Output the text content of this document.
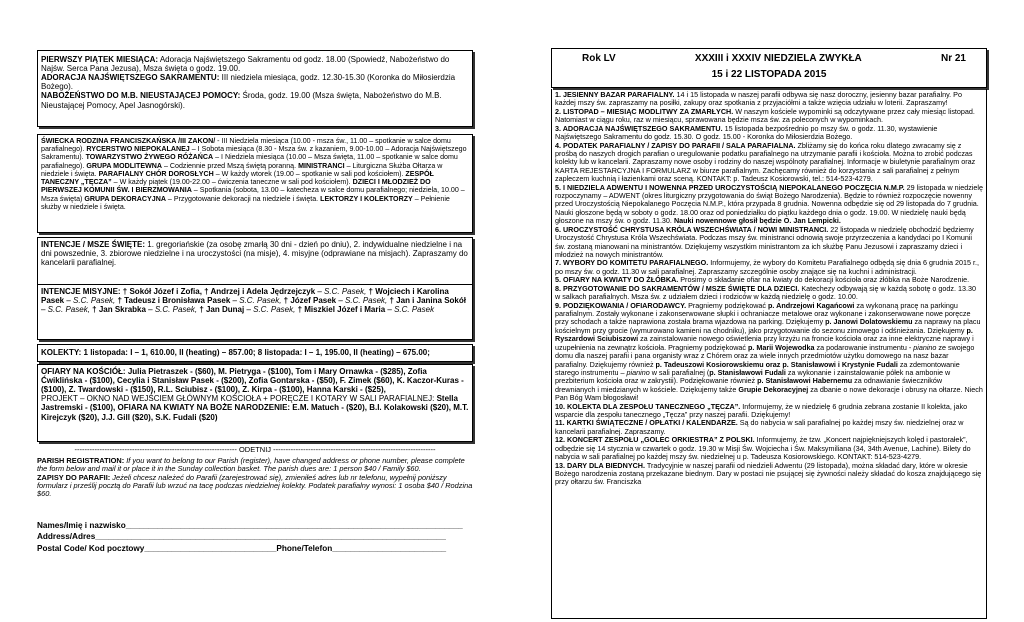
PIERWSZY PIĄTEK MIESIĄCA: Adoracja Najświętszego Sakramentu od godz. 18.00 (Spowiedź, Nabożeństwo do Najśw. Serca Pana Jezusa), Msza święta o godz. 19.00.
ADORACJA NAJŚWIĘTSZEGO SAKRAMENTU: III niedziela miesiąca, godz. 12.30-15.30 (Koronka do Miłosierdzia Bożego).
NABOŻEŃSTWO DO M.B. NIEUSTAJĄCEJ POMOCY: Środa, godz. 19.00 (Msza święta, Nabożeństwo do M.B. Nieustającej Pomocy, Apel Jasnogórski).
ŚWIECKA RODZINA FRANCISZKAŃSKA /III ZAKON/ - III Niedziela miesiąca (10.00 - msza św., 11.00 – spotkanie w salce domu parafialnego). RYCERSTWO NIEPOKALANEJ – I Sobota miesiąca (8.30 - Msza św. z kazaniem, 9.00-10.00 – Adoracja Najświętszego Sakramentu). TOWARZYSTWO ŻYWEGO RÓŻAŃCA – I Niedziela miesiąca (10.00 – Msza święta, 11.00 – spotkanie w salce domu parafialnego). GRUPA MODLITEWNA – Codziennie przed Mszą świętą poranną. MINISTRANCI – Liturgiczna Służba Ołtarza w niedziele i święta. PARAFIALNY CHÓR DOROSŁYCH – W każdy wtorek (19.00 – spotkanie w sali pod kościołem). ZESPÓŁ TANECZNY „TĘCZA” – W każdy piątek (19.00-22.00 – ćwiczenia taneczne w sali pod kościołem). DZIECI I MŁODZIEŻ DO PIERWSZEJ KOMUNII ŚW. I BIERZMOWANIA – Spotkania (sobota, 13.00 – katecheza w salce domu parafialnego; niedziela, 10.00 – Msza święta) GRUPA DEKORACYJNA – Przygotowanie dekoracji na niedziele i święta. LEKTORZY I KOLEKTORZY – Pełnienie służby w niedziele i święta.
INTENCJE / MSZE ŚWIĘTE: 1. gregoriańskie (za osobę zmarłą 30 dni - dzień po dniu), 2. indywidualne niedzielne i na dni powszednie, 3. zbiorowe niedzielne i na uroczystości (na misje), 4. misyjne (odprawiane na misjach). Zapraszamy do kancelarii parafialnej.
INTENCJE MISYJNE: † Sokół Józef i Zofia, † Andrzej i Adela Jędrzejczyk – S.C. Pasek, † Wojciech i Karolina Pasek – S.C. Pasek, † Tadeusz i Bronisława Pasek – S.C. Pasek, † Józef Pasek – S.C. Pasek, † Jan i Janina Sokół – S.C. Pasek, † Jan Skrabka – S.C. Pasek, † Jan Dunaj – S.C. Pasek, † Miszkiel Józef i Maria – S.C. Pasek
KOLEKTY: 1 listopada: I – 1, 610.00, II (heating) – 857.00; 8 listopada: I – 1, 195.00, II (heating) – 675.00;
OFIARY NA KOŚCIÓŁ: Julia Pietraszek - ($60), M. Pietryga - ($100), Tom i Mary Ornawka - ($285), Zofia Ćwiklińska - ($100), Cecylia i Stanisław Pasek - ($200), Zofia Gontarska - ($50), F. Zimek ($60), K. Kaczor-Kuras - ($100), Z. Twardowski - ($150), R.L. Sciubisz - ($100), Z. Kirpa - ($100), Hanna Karski - ($25),
PROJEKT – OKNO NAD WEJŚCIEM GŁÓWNYM KOŚCIOŁA + PORĘCZE I KOTARY W SALI PARAFIALNEJ: Stella Jastremski - ($100), OFIARA NA KWIATY NA BOŻE NARODZENIE: E.M. Matuch - ($20), B.I. Kolakowski ($20), M.T. Kirejczyk ($20), J.J. Gill ($20), S.K. Fudali ($20)
----------------------------------------------------------------- ODETNIJ -----------------------------------------------------------------
PARISH REGISTRATION: If you want to belong to our Parish (register), have changed address or phone number, please complete the form below and mail it or place it in the Sunday collection basket. The parish dues are: 1 person $40 / Family $60.
ZAPISY DO PARAFII: Jeżeli chcesz należeć do Parafii (zarejestrować się), zmieniłeś adres lub nr telefonu, wypełnij poniższy formularz i prześlij pocztą do Parafii lub wrzuć na tacę podczas niedzielnej kolekty. Podatek parafialny wynosi: 1 osoba $40 / Rodzina $60.
Names/Imię i nazwisko__________________________________________________________________________
Address/Adres_____________________________________________________________________________
Postal Code/ Kod pocztowy_____________________________Phone/Telefon_________________________
Rok LV	XXXIII i XXXIV NIEDZIELA ZWYKŁA	Nr 21
15 i 22 LISTOPADA 2015

1. JESIENNY BAZAR PARAFIALNY. 14 i 15 listopada w naszej parafii odbywa się nasz doroczny, jesienny bazar parafialny. Po każdej mszy św. zapraszamy na posiłki, zakupy oraz spotkania z przyjaciółmi a także wzięcia udziału w loterii. Zapraszamy!

2. LISTOPAD – MIESIĄC MODLITWY ZA ZMARŁYCH. W naszym kościele wypominki są odczytywane przez cały miesiąc listopad. Natomiast w ciągu roku, raz w miesiącu, sprawowana będzie msza św. za poleconych w wypominkach.

3. ADORACJA NAJŚWIĘTSZEGO SAKRAMENTU. 15 listopada bezpośrednio po mszy św. o godz. 11.30, wystawienie Najświętszego Sakramentu do godz. 15.30. O godz. 15.00 - Koronka do Miłosierdzia Bożego.

4. PODATEK PARAFIALNY / ZAPISY DO PARAFII / SALA PARAFIALNA. Zbliżamy się do końca roku dlatego zwracamy się z prośbą do naszych drogich parafian o uregulowanie podatku parafialnego na utrzymanie parafii i kościoła. Można to zrobić podczas kolekty lub w kancelarii. Zapraszamy nowe osoby i rodziny do naszej wspólnoty parafialnej. Informacje w biuletynie parafialnym oraz KARTA REJESTARCYJNA I FORMULARZ w biurze parafialnym. Zachęcamy również do korzystania z sali parafialnej z pełnym zapleczem kuchnią i łazienkami oraz sceną. KONTAKT: p. Tadeusz Kosiorowski, tel.: 514-523-4279.

5. I NIEDZIELA ADWENTU I NOWENNA PRZED UROCZYSTOŚCIĄ NIEPOKALANEGO POCZĘCIA N.M.P. 29 listopada w niedzielę rozpoczynamy – ADWENT (okres liturgiczny przygotowania do świąt Bożego Narodzenia). Będzie to również rozpoczęcie nowenny przed Uroczystością Niepokalanego Poczęcia N.M.P., która przypada 8 grudnia. Nowenna odbędzie się od 29 listopada do 7 grudnia. Nauki głoszone będą w soboty o godz. 18.00 oraz od poniedziałku do piątku każdego dnia o godz. 19.00. W niedzielę nauki będą głoszone na mszy św. o godz. 11.30. Nauki nowennowe głosił będzie O. Jan Lempicki.

6. UROCZYSTOŚĆ CHRYSTUSA KRÓLA WSZECHŚWIATA / NOWI MINISTRANCI. 22 listopada w niedzielę obchodzić będziemy Uroczystość Chrystusa Króla Wszechświata. Podczas mszy św. ministranci odnowią swoje przyrzeczenia a kandydaci po I Komunii św. zostaną mianowani na ministrantów. Dziękujemy wszystkim ministrantom za ich służbę Panu Jezusowi i zapraszamy dzieci i młodzież na nowych ministrantów.

7. WYBORY DO KOMITETU PARAFIALNEGO. Informujemy, że wybory do Komitetu Parafialnego odbędą się dnia 6 grudnia 2015 r., po mszy św. o godz. 11.30 w sali parafialnej. Zapraszamy szczególnie osoby znające się na kuchni i administracji.

5. OFIARY NA KWIATY DO ŻŁÓBKA. Prosimy o składanie ofiar na kwiaty do dekoracji kościoła oraz żłóbka na Boże Narodzenie.

8. PRZYGOTOWANIE DO SAKRAMENTÓW / MSZE ŚWIĘTE DLA DZIECI. Katechezy odbywają się w każdą sobotę o godz. 13.30 w salkach parafialnych. Msza św. z udziałem dzieci i rodziców w każdą niedzielę o godz. 10.00.

9. PODZIĘKOWANIA / OFIARODAWCY. Pragniemy podziękować p. Andrzejowi Kagańcowi za wykonaną pracę na parkingu parafialnym. Zostały wykonane i zakonserwowane słupki i ochraniacze metalowe oraz wykonane i zakonserwowane nowe poręcze przy schodach a także naprawiona została brama wjazdowa na parking. Dziękujemy p. Janowi Dolatowskiemu za naprawy na placu kościelnym przy grocie (wymurowano kamieni na chodniku), jako przygotowanie do sezonu zimowego i odśnieżania. Dziękujemy p. Ryszardowi Sciubiszowi za zainstalowanie nowego oświetlenia przy krzyżu na froncie kościoła oraz za inne elektryczne naprawy i uzupełnienia na zewnątrz kościoła. Pragniemy podziękować p. Marii Wojewodka za podarowanie instrumentu - pianino ze swojego domu dla naszej parafii i pana organisty wraz z Chórem oraz za wiele innych przedmiotów użytku domowego na nasz bazar parafialny. Dziękujemy również p. Tadeuszowi Kosiorowskiemu oraz p. Stanisławowi i Krystynie Fudali za zdemontowanie starego instrumentu – pianino w sali parafialnej (p. Stanisławowi Fudali za wykonanie i zainstalowanie półek na ambonie w prezbiterium kościoła oraz w zakrystii). Podziękowanie również p. Stanisławowi Habernemu za odnawianie świeczników drewnianych i miedzianych w kościele. Dziękujemy także Grupie Dekoracyjnej za dbanie o nowe dekoracje i obrusy na ołtarze. Niech Pan Bóg Wam błogosławi!

10. KOLEKTA DLA ZESPOŁU TANECZNEGO „TĘCZA”. Informujemy, że w niedzielę 6 grudnia zebrana zostanie II kolekta, jako wsparcie dla zespołu tanecznego „Tęcza” przy naszej parafii. Dziękujemy!

11. KARTKI ŚWIĄTECZNE / OPŁATKI / KALENDARZE. Są do nabycia w sali parafialnej po każdej mszy św. niedzielnej oraz w kancelarii parafialnej. Zapraszamy.

12. KONCERT ZESPOŁU „GOLEC ORKIESTRA” Z POLSKI. Informujemy, że tzw. „Koncert najpiękniejszych kolęd i pastorałek”, odbędzie się 14 stycznia w czwartek o godz. 19.30 w Misji Św. Wojciecha i Św. Maksymiliana (34, 34th Avenue, Lachine). Bilety do nabycia w sali parafialnej po każdej mszy św. niedzielnej u p. Tadeusza Kosiorowskiego. KONTAKT: 514-523-4279.

13. DARY DLA BIEDNYCH. Tradycyjnie w naszej parafii od niedzieli Adwentu (29 listopada), można składać dary, które w okresie Bożego narodzenia zostaną przekazane biednym. Dary w postaci nie psującej się żywności należy składać do kosza znajdującego się przy ołtarzu św. Franciszka
